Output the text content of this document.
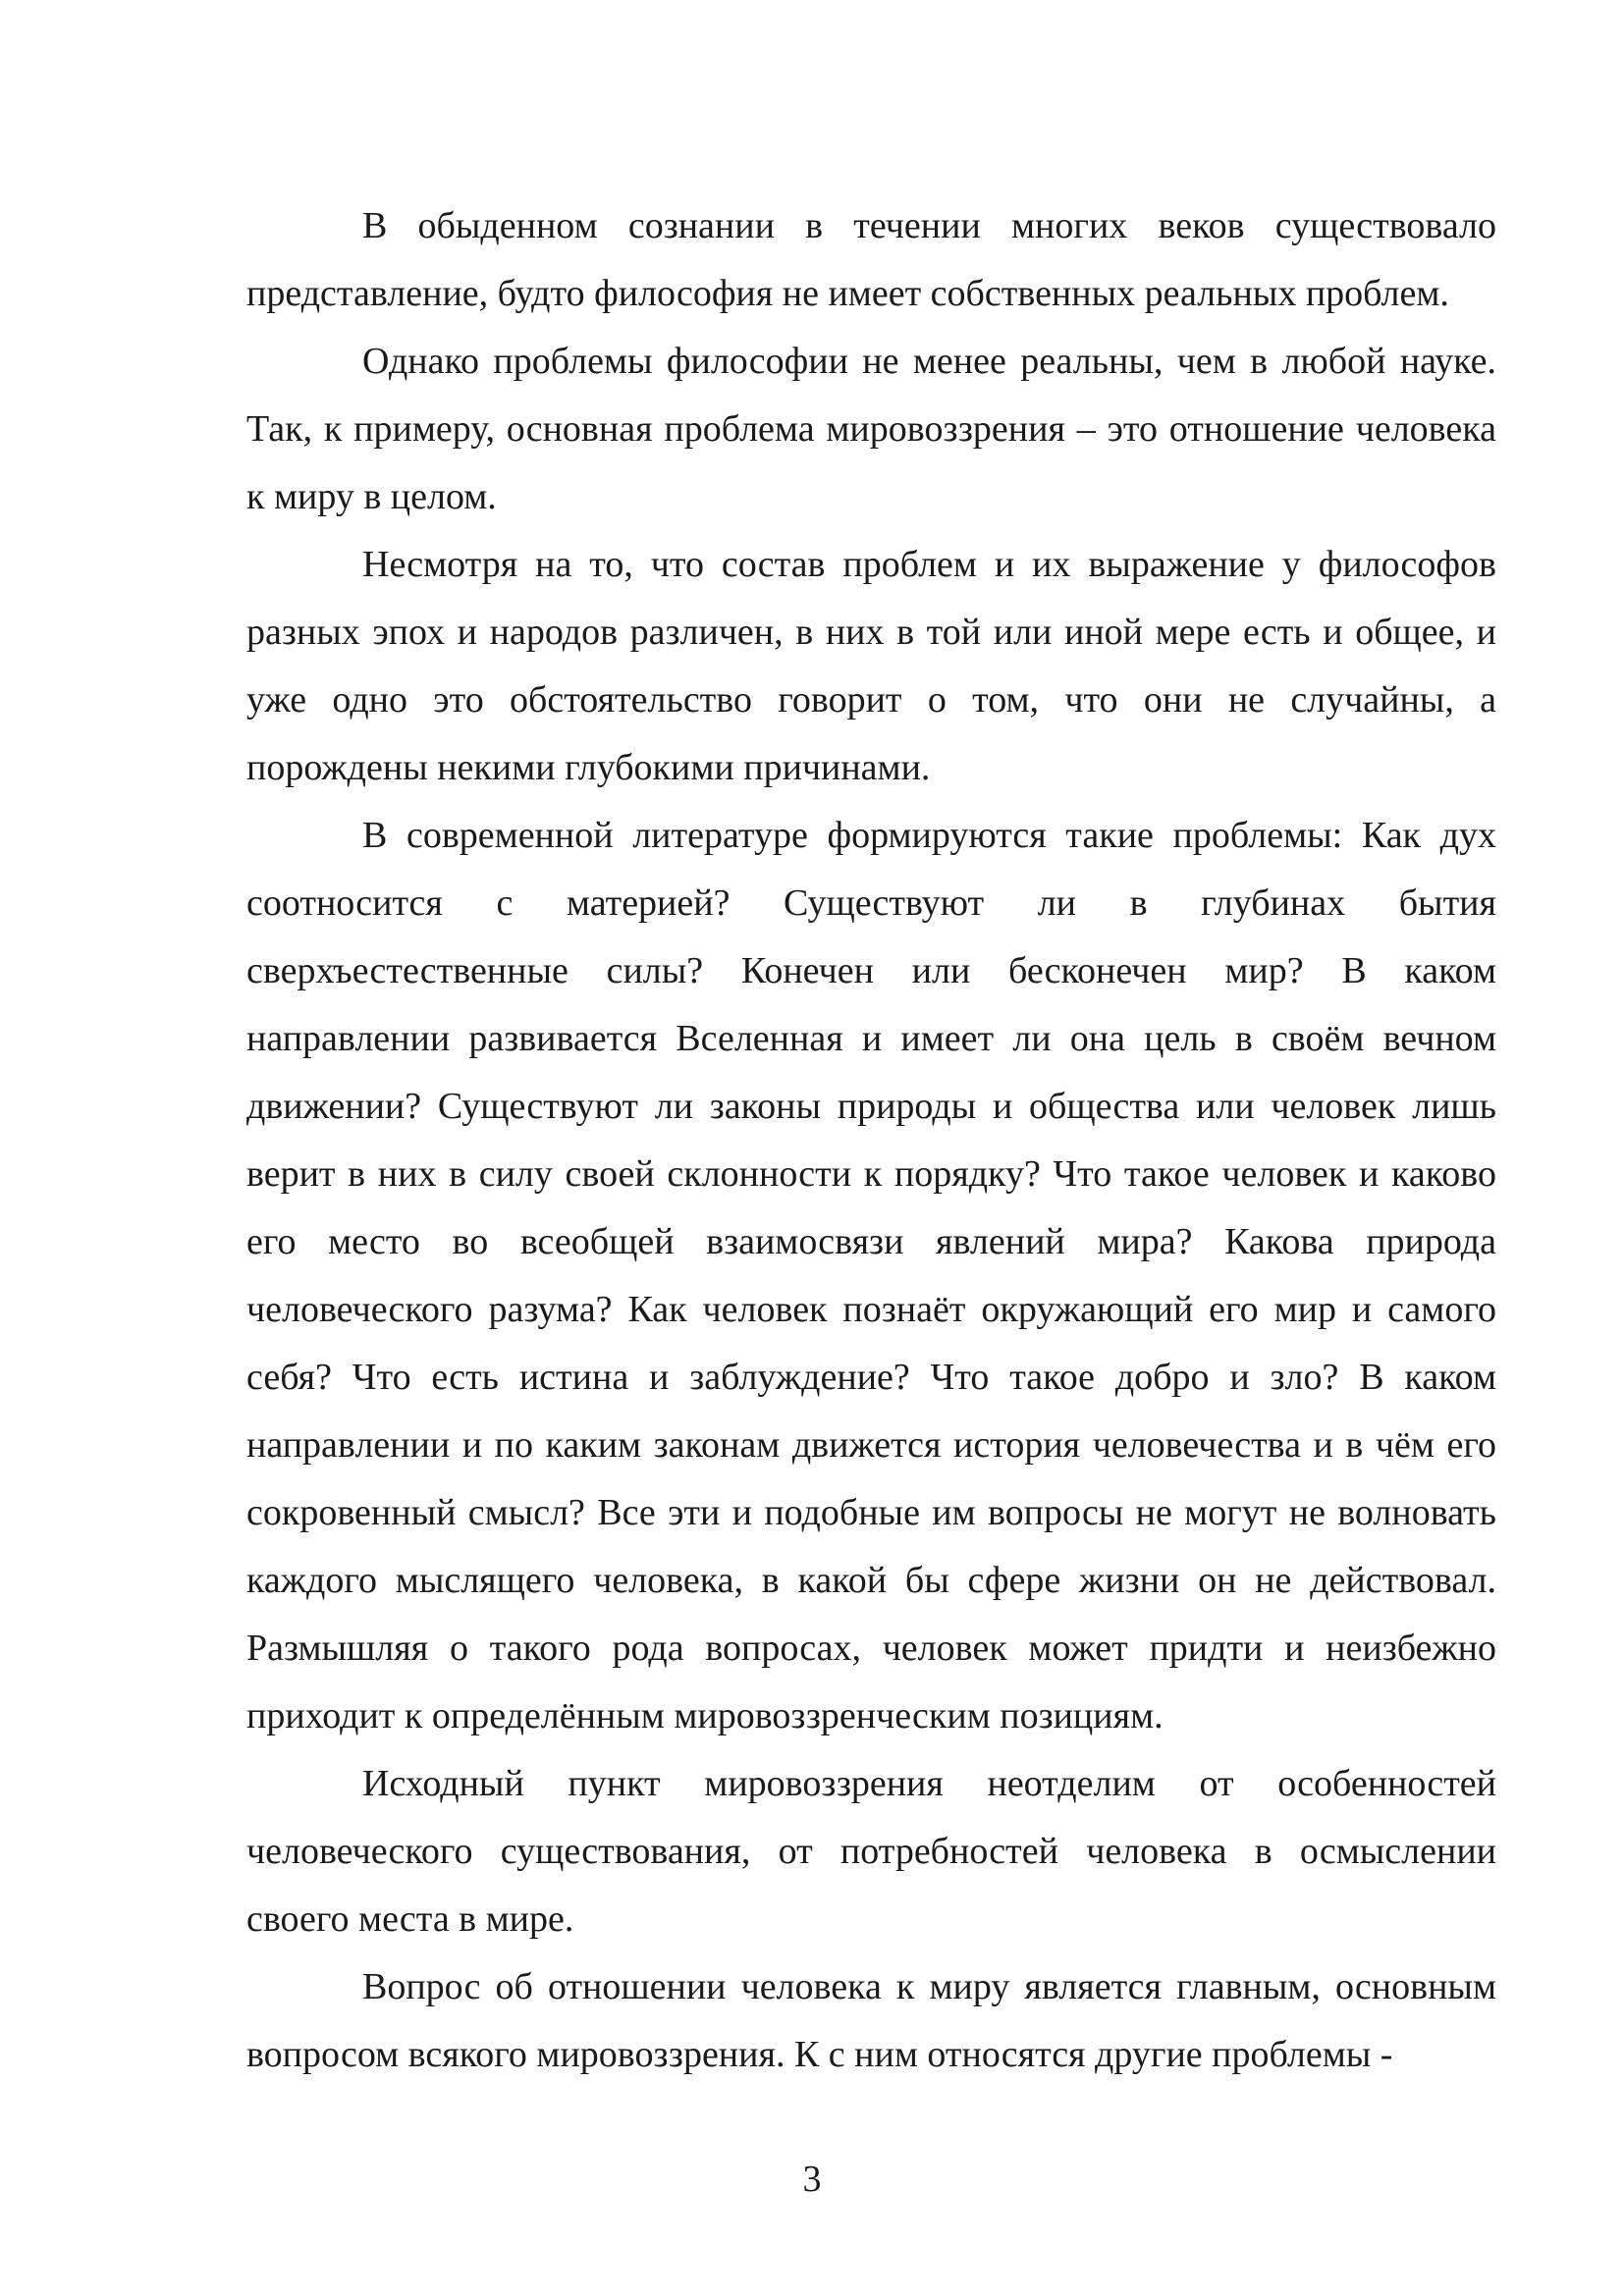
В обыденном сознании в течении многих веков существовало представление, будто философия не имеет собственных реальных проблем.

Однако проблемы философии не менее реальны, чем в любой науке. Так, к примеру, основная проблема мировоззрения – это отношение человека к миру в целом.

Несмотря на то, что состав проблем и их выражение у философов разных эпох и народов различен, в них в той или иной мере есть и общее, и уже одно это обстоятельство говорит о том, что они не случайны, а порождены некими глубокими причинами.

В современной литературе формируются такие проблемы: Как дух соотносится с материей? Существуют ли в глубинах бытия сверхъестественные силы? Конечен или бесконечен мир? В каком направлении развивается Вселенная и имеет ли она цель в своём вечном движении? Существуют ли законы природы и общества или человек лишь верит в них в силу своей склонности к порядку? Что такое человек и каково его место во всеобщей взаимосвязи явлений мира? Какова природа человеческого разума? Как человек познаёт окружающий его мир и самого себя? Что есть истина и заблуждение? Что такое добро и зло? В каком направлении и по каким законам движется история человечества и в чём его сокровенный смысл? Все эти и подобные им вопросы не могут не волновать каждого мыслящего человека, в какой бы сфере жизни он не действовал. Размышляя о такого рода вопросах, человек может придти и неизбежно приходит к определённым мировоззренческим позициям.

Исходный пункт мировоззрения неотделим от особенностей человеческого существования, от потребностей человека в осмыслении своего места в мире.

Вопрос об отношении человека к миру является главным, основным вопросом всякого мировоззрения. К с ним относятся другие проблемы -

3
